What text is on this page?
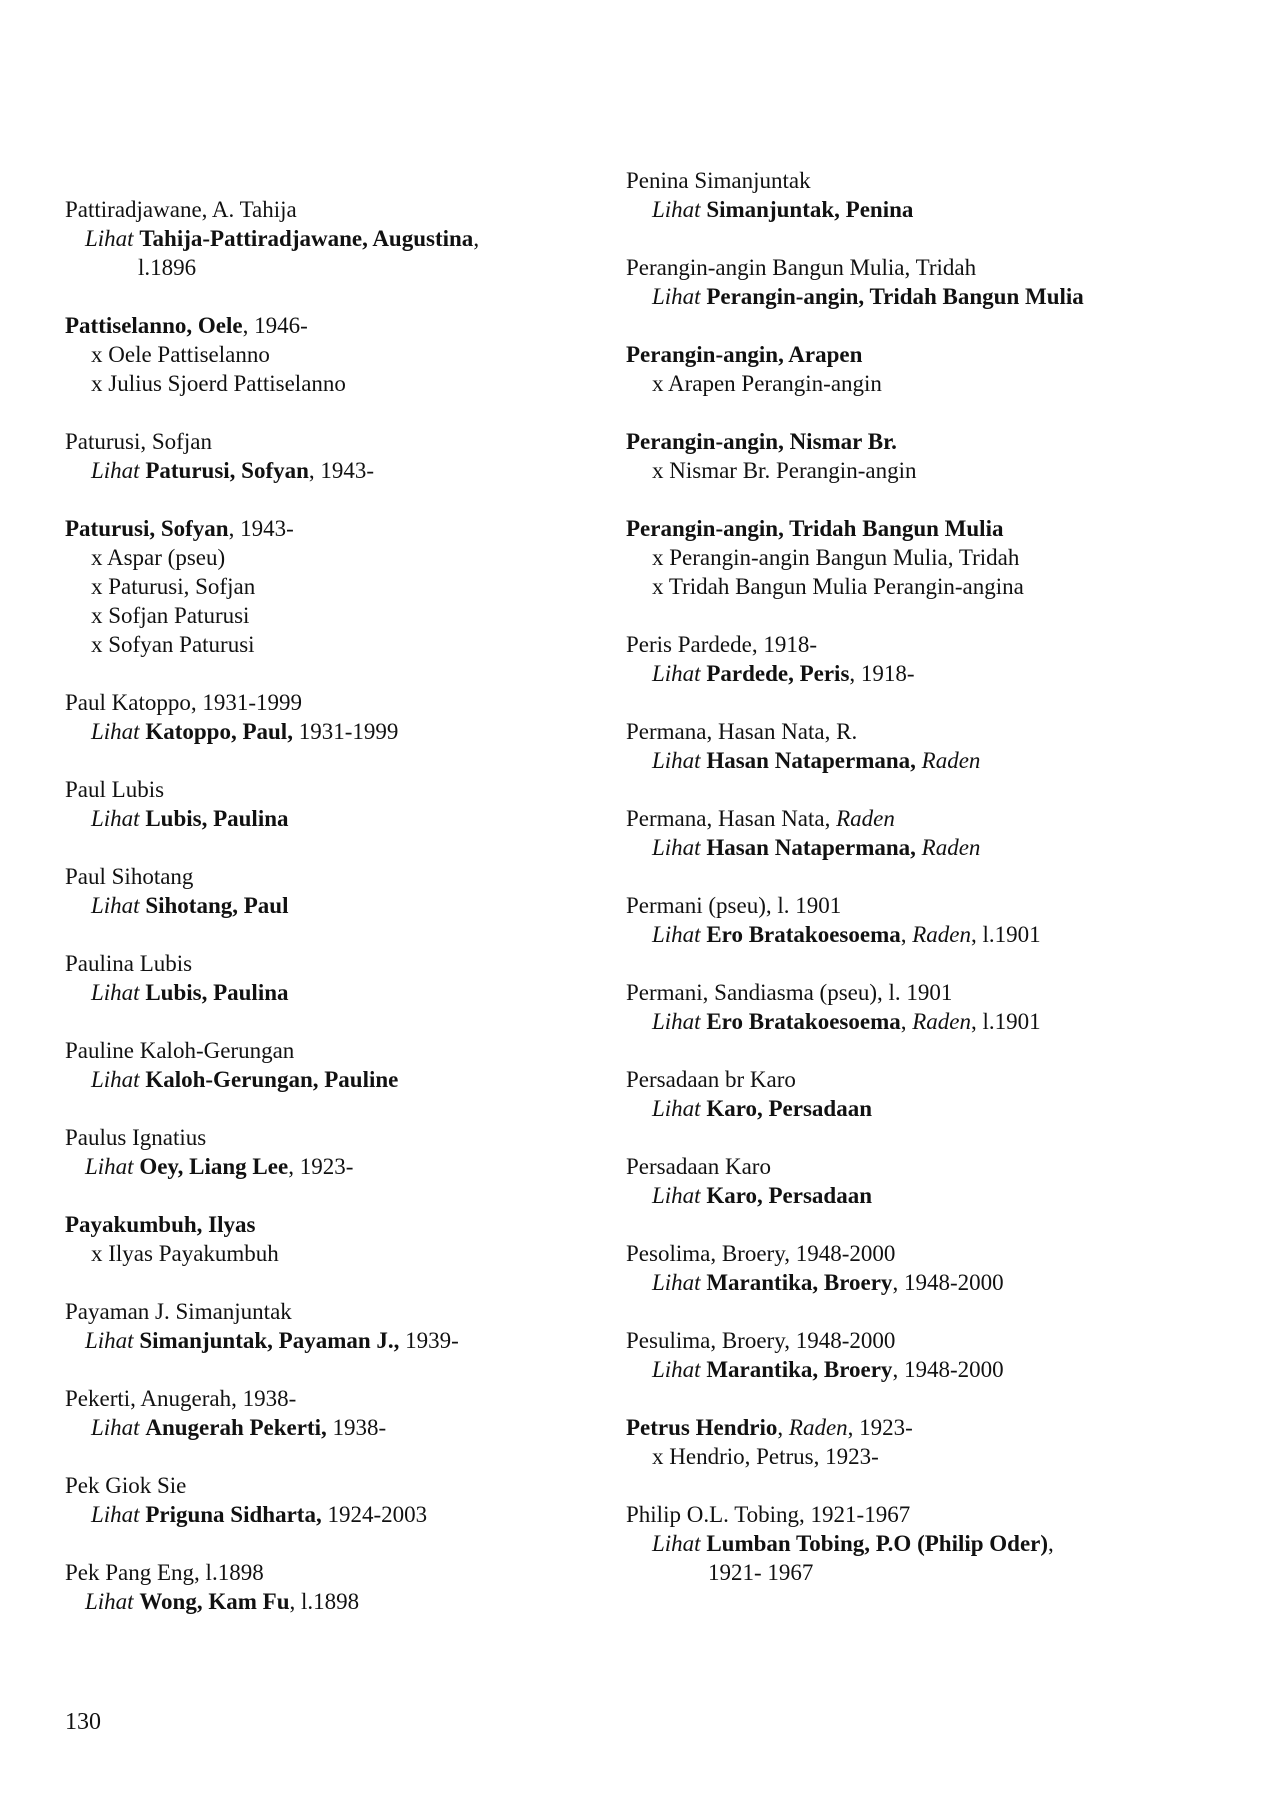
Pattiradjawane, A. Tahija
Lihat Tahija-Pattiradjawane, Augustina,
l.1896
Pattiselanno, Oele, 1946-
x Oele Pattiselanno
x Julius Sjoerd Pattiselanno
Paturusi, Sofjan
Lihat Paturusi, Sofyan, 1943-
Paturusi, Sofyan, 1943-
x Aspar (pseu)
x Paturusi, Sofjan
x Sofjan Paturusi
x Sofyan Paturusi
Paul Katoppo, 1931-1999
Lihat Katoppo, Paul, 1931-1999
Paul Lubis
Lihat Lubis, Paulina
Paul Sihotang
Lihat Sihotang, Paul
Paulina Lubis
Lihat Lubis, Paulina
Pauline Kaloh-Gerungan
Lihat Kaloh-Gerungan, Pauline
Paulus Ignatius
Lihat Oey, Liang Lee, 1923-
Payakumbuh, Ilyas
x Ilyas Payakumbuh
Payaman J. Simanjuntak
Lihat Simanjuntak, Payaman J., 1939-
Pekerti, Anugerah, 1938-
Lihat Anugerah Pekerti, 1938-
Pek Giok Sie
Lihat Priguna Sidharta, 1924-2003
Pek Pang Eng, l.1898
Lihat Wong, Kam Fu, l.1898
Penina Simanjuntak
Lihat Simanjuntak, Penina
Perangin-angin Bangun Mulia, Tridah
Lihat Perangin-angin, Tridah Bangun Mulia
Perangin-angin, Arapen
x Arapen Perangin-angin
Perangin-angin, Nismar Br.
x Nismar Br. Perangin-angin
Perangin-angin, Tridah Bangun Mulia
x Perangin-angin Bangun Mulia, Tridah
x Tridah Bangun Mulia Perangin-angina
Peris Pardede, 1918-
Lihat Pardede, Peris, 1918-
Permana, Hasan Nata, R.
Lihat Hasan Natapermana, Raden
Permana, Hasan Nata, Raden
Lihat Hasan Natapermana, Raden
Permani (pseu), l. 1901
Lihat Ero Bratakoesoema, Raden, l.1901
Permani, Sandiasma (pseu), l. 1901
Lihat Ero Bratakoesoema, Raden, l.1901
Persadaan br Karo
Lihat Karo, Persadaan
Persadaan Karo
Lihat Karo, Persadaan
Pesolima, Broery, 1948-2000
Lihat Marantika, Broery, 1948-2000
Pesulima, Broery, 1948-2000
Lihat Marantika, Broery, 1948-2000
Petrus Hendrio, Raden, 1923-
x Hendrio, Petrus, 1923-
Philip O.L. Tobing, 1921-1967
Lihat Lumban Tobing, P.O (Philip Oder),
1921- 1967
130
